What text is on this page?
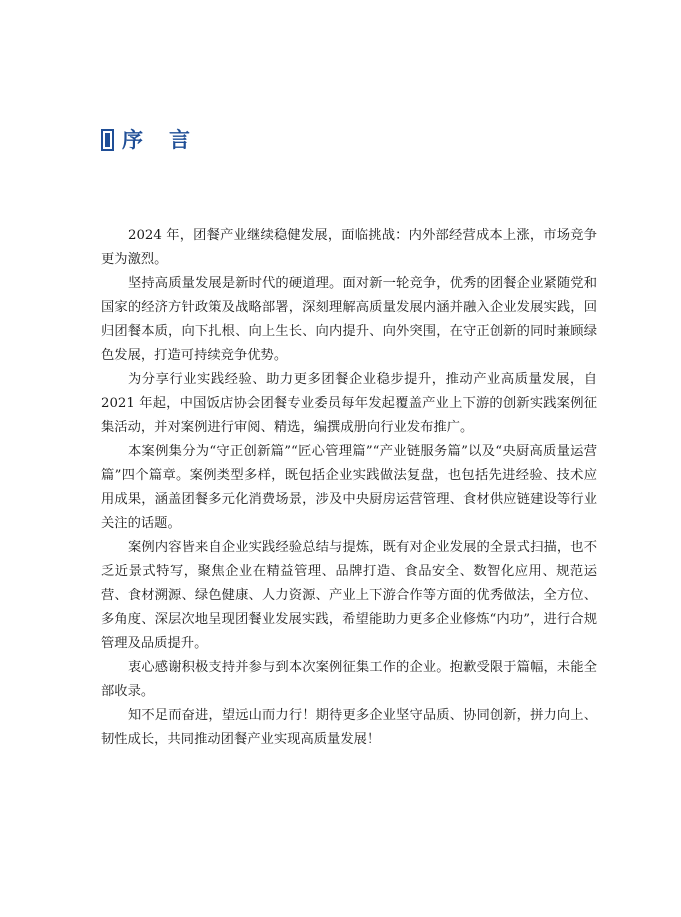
序言

2024 年，团餐产业继续稳健发展，面临挑战：内外部经营成本上涨，市场竞争更为激烈。

坚持高质量发展是新时代的硬道理。面对新一轮竞争，优秀的团餐企业紧随党和国家的经济方针政策及战略部署，深刻理解高质量发展内涵并融入企业发展实践，回归团餐本质，向下扎根、向上生长、向内提升、向外突围，在守正创新的同时兼顾绿色发展，打造可持续竞争优势。

为分享行业实践经验、助力更多团餐企业稳步提升，推动产业高质量发展，自 2021 年起，中国饭店协会团餐专业委员每年发起覆盖产业上下游的创新实践案例征集活动，并对案例进行审阅、精选，编撰成册向行业发布推广。

本案例集分为“守正创新篇”“匠心管理篇”“产业链服务篇”以及“央厨高质量运营篇”四个篇章。案例类型多样，既包括企业实践做法复盘，也包括先进经验、技术应用成果，涵盖团餐多元化消费场景，涉及中央厨房运营管理、食材供应链建设等行业关注的话题。

案例内容皆来自企业实践经验总结与提炼，既有对企业发展的全景式扫描，也不乏近景式特写，聚焦企业在精益管理、品牌打造、食品安全、数智化应用、规范运营、食材溯源、绿色健康、人力资源、产业上下游合作等方面的优秀做法，全方位、多角度、深层次地呈现团餐业发展实践，希望能助力更多企业修炼“内功”，进行合规管理及品质提升。

衷心感谢积极支持并参与到本次案例征集工作的企业。抱歉受限于篇幅，未能全部收录。

知不足而奋进，望远山而力行！期待更多企业坚守品质、协同创新，拼力向上、韧性成长，共同推动团餐产业实现高质量发展！
